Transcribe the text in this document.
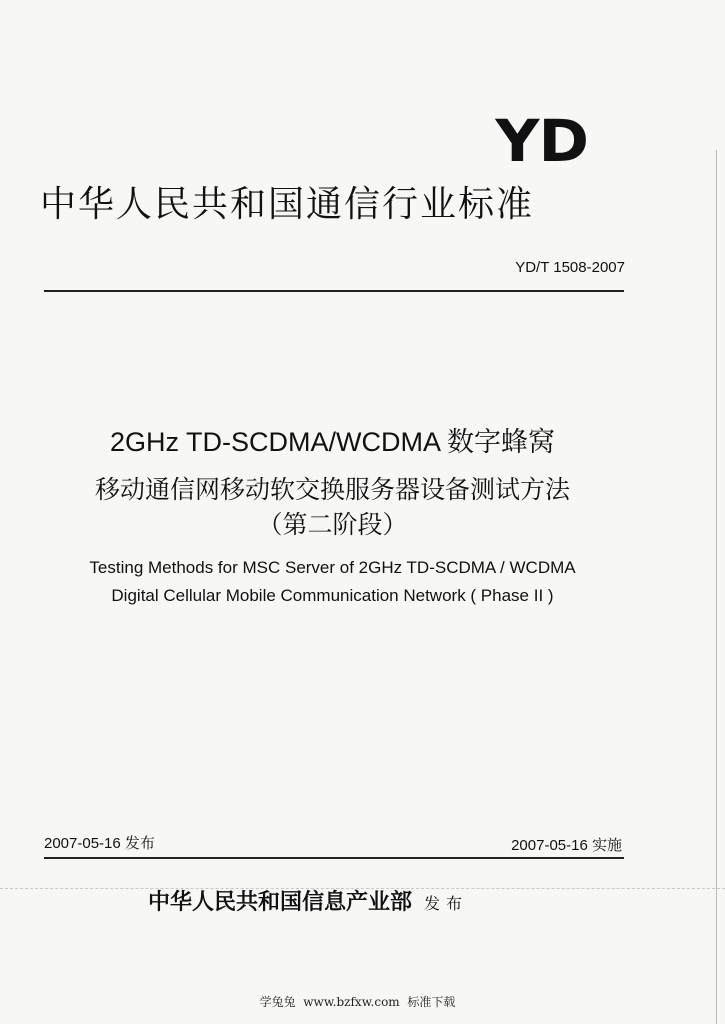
YD
中华人民共和国通信行业标准
YD/T 1508-2007
2GHz TD-SCDMA/WCDMA 数字蜂窝
移动通信网移动软交换服务器设备测试方法
（第二阶段）
Testing Methods for MSC Server of 2GHz TD-SCDMA / WCDMA
Digital Cellular Mobile Communication Network ( Phase II )
2007-05-16 发布	2007-05-16 实施
中华人民共和国信息产业部 发布
学兔兔  www.bzfxw.com  标准下载
